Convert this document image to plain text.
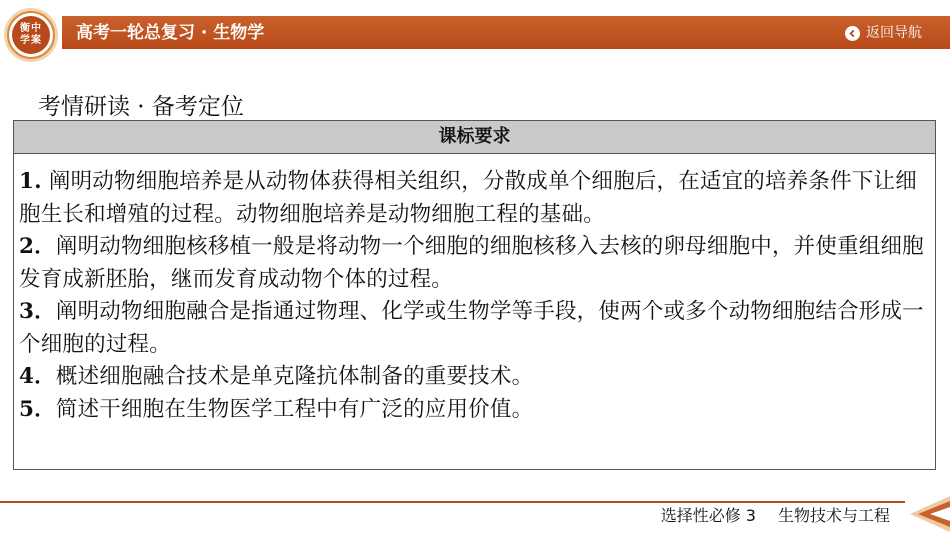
衡中
学案	高考一轮总复习 · 生物学	返回导航
考情研读 · 备考定位
课标要求
1. 阐明动物细胞培养是从动物体获得相关组织，分散成单个细胞后，在适宜的培养条件下让细胞生长和增殖的过程。动物细胞培养是动物细胞工程的基础。
2．阐明动物细胞核移植一般是将动物一个细胞的细胞核移入去核的卵母细胞中，并使重组细胞发育成新胚胎，继而发育成动物个体的过程。
3．阐明动物细胞融合是指通过物理、化学或生物学等手段，使两个或多个动物细胞结合形成一个细胞的过程。
4．概述细胞融合技术是单克隆抗体制备的重要技术。
5．简述干细胞在生物医学工程中有广泛的应用价值。
选择性必修 3 生物技术与工程
